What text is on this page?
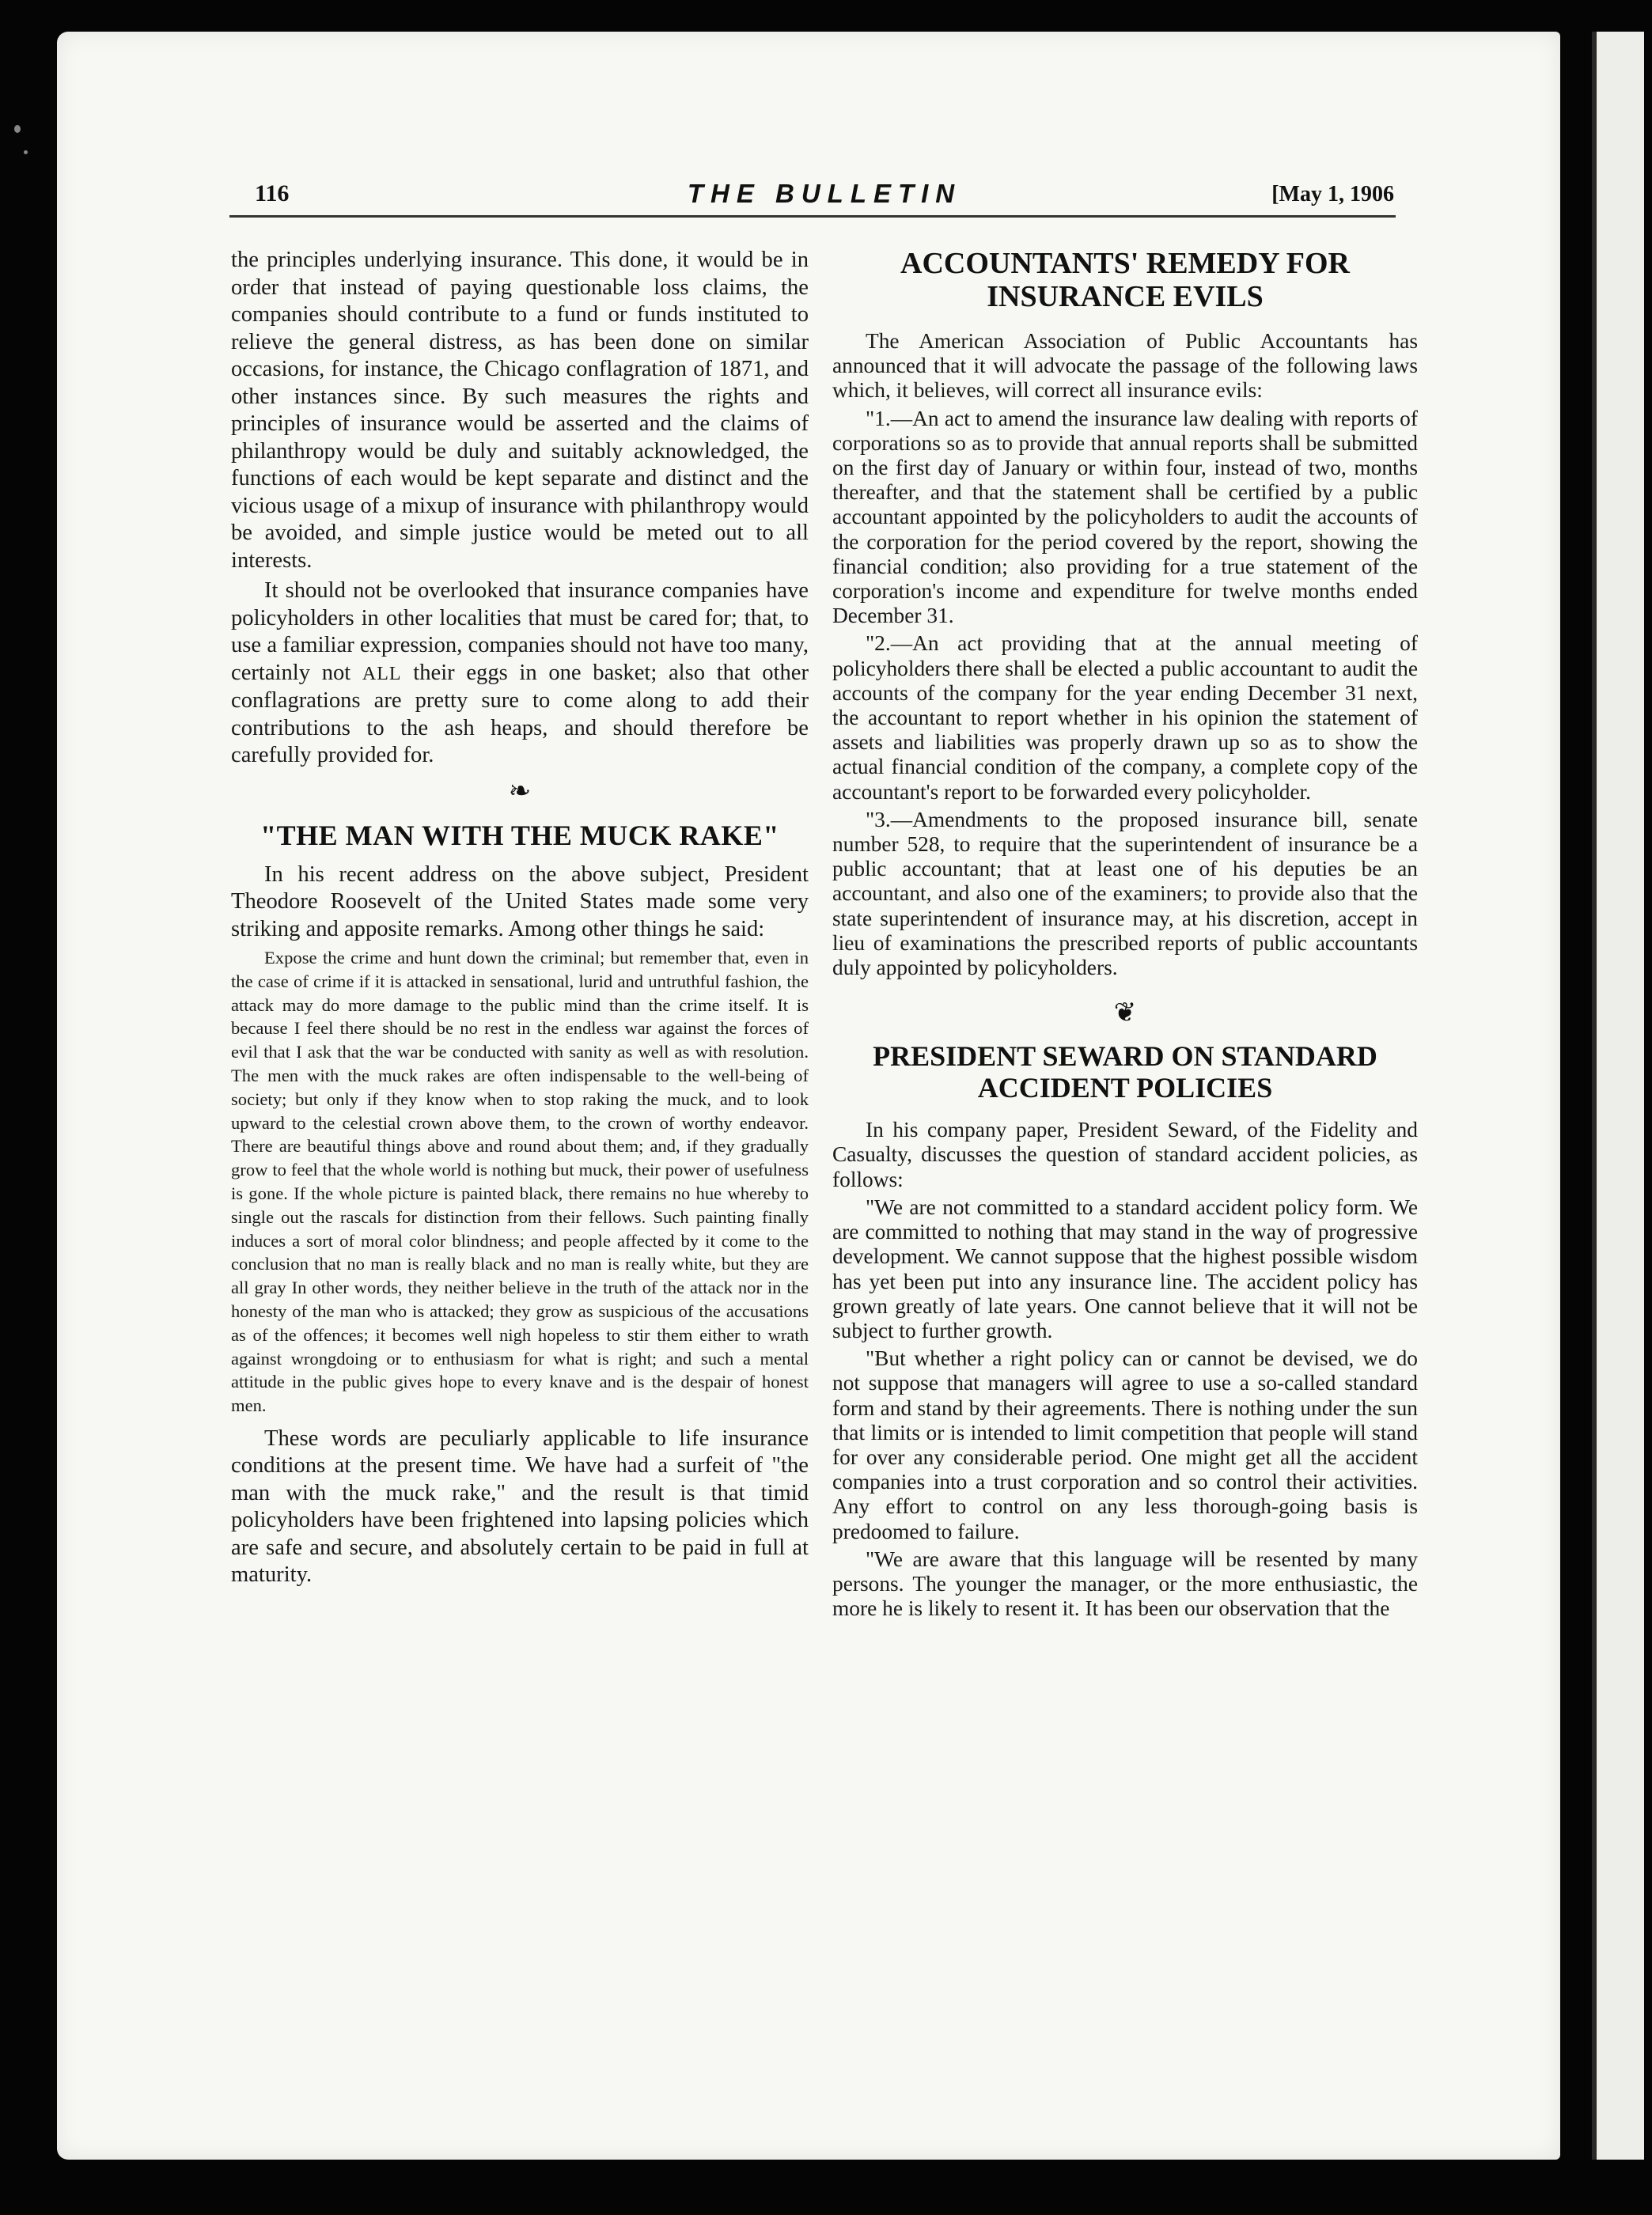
116	THE BULLETIN	[May 1, 1906

the principles underlying insurance. This done, it would be in order that instead of paying questionable loss claims, the companies should contribute to a fund or funds instituted to relieve the general distress, as has been done on similar occasions, for instance, the Chicago conflagration of 1871, and other instances since. By such measures the rights and principles of insurance would be asserted and the claims of philanthropy would be duly and suitably acknowledged, the functions of each would be kept separate and distinct and the vicious usage of a mixup of insurance with philanthropy would be avoided, and simple justice would be meted out to all interests.

It should not be overlooked that insurance companies have policyholders in other localities that must be cared for; that, to use a familiar expression, companies should not have too many, certainly not ALL their eggs in one basket; also that other conflagrations are pretty sure to come along to add their contributions to the ash heaps, and should therefore be carefully provided for.

❧
"THE MAN WITH THE MUCK RAKE"

In his recent address on the above subject, President Theodore Roosevelt of the United States made some very striking and apposite remarks. Among other things he said:

Expose the crime and hunt down the criminal; but remember that, even in the case of crime if it is attacked in sensational, lurid and untruthful fashion, the attack may do more damage to the public mind than the crime itself. It is because I feel there should be no rest in the endless war against the forces of evil that I ask that the war be conducted with sanity as well as with resolution. The men with the muck rakes are often indispensable to the well-being of society; but only if they know when to stop raking the muck, and to look upward to the celestial crown above them, to the crown of worthy endeavor. There are beautiful things above and round about them; and, if they gradually grow to feel that the whole world is nothing but muck, their power of usefulness is gone. If the whole picture is painted black, there remains no hue whereby to single out the rascals for distinction from their fellows. Such painting finally induces a sort of moral color blindness; and people affected by it come to the conclusion that no man is really black and no man is really white, but they are all gray In other words, they neither believe in the truth of the attack nor in the honesty of the man who is attacked; they grow as suspicious of the accusations as of the offences; it becomes well nigh hopeless to stir them either to wrath against wrongdoing or to enthusiasm for what is right; and such a mental attitude in the public gives hope to every knave and is the despair of honest men.

These words are peculiarly applicable to life insurance conditions at the present time. We have had a surfeit of "the man with the muck rake," and the result is that timid policyholders have been frightened into lapsing policies which are safe and secure, and absolutely certain to be paid in full at maturity.

ACCOUNTANTS' REMEDY FOR INSURANCE EVILS

The American Association of Public Accountants has announced that it will advocate the passage of the following laws which, it believes, will correct all insurance evils:

"1.—An act to amend the insurance law dealing with reports of corporations so as to provide that annual reports shall be submitted on the first day of January or within four, instead of two, months thereafter, and that the statement shall be certified by a public accountant appointed by the policyholders to audit the accounts of the corporation for the period covered by the report, showing the financial condition; also providing for a true statement of the corporation's income and expenditure for twelve months ended December 31.

"2.—An act providing that at the annual meeting of policyholders there shall be elected a public accountant to audit the accounts of the company for the year ending December 31 next, the accountant to report whether in his opinion the statement of assets and liabilities was properly drawn up so as to show the actual financial condition of the company, a complete copy of the accountant's report to be forwarded every policyholder.

"3.—Amendments to the proposed insurance bill, senate number 528, to require that the superintendent of insurance be a public accountant; that at least one of his deputies be an accountant, and also one of the examiners; to provide also that the state superintendent of insurance may, at his discretion, accept in lieu of examinations the prescribed reports of public accountants duly appointed by policyholders.

❦
PRESIDENT SEWARD ON STANDARD ACCIDENT POLICIES

In his company paper, President Seward, of the Fidelity and Casualty, discusses the question of standard accident policies, as follows:

"We are not committed to a standard accident policy form. We are committed to nothing that may stand in the way of progressive development. We cannot suppose that the highest possible wisdom has yet been put into any insurance line. The accident policy has grown greatly of late years. One cannot believe that it will not be subject to further growth.

"But whether a right policy can or cannot be devised, we do not suppose that managers will agree to use a so-called standard form and stand by their agreements. There is nothing under the sun that limits or is intended to limit competition that people will stand for over any considerable period. One might get all the accident companies into a trust corporation and so control their activities. Any effort to control on any less thorough-going basis is predoomed to failure.

"We are aware that this language will be resented by many persons. The younger the manager, or the more enthusiastic, the more he is likely to resent it. It has been our observation that the
